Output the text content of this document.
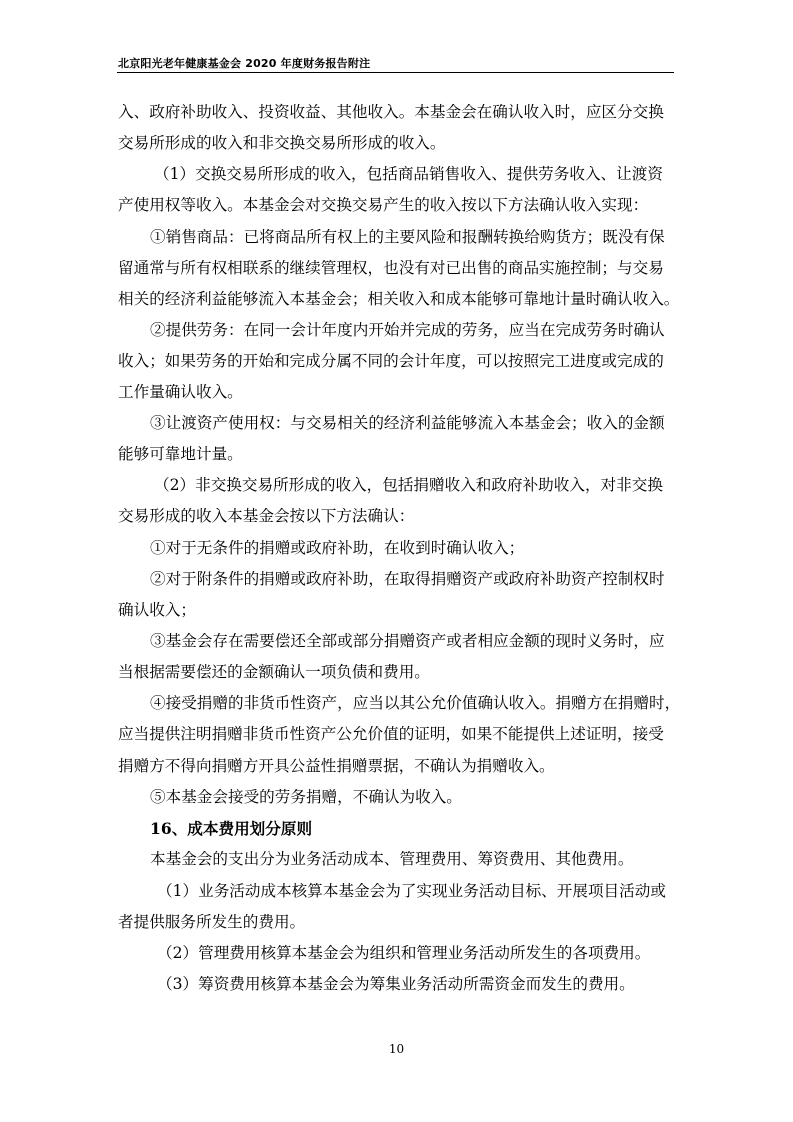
北京阳光老年健康基金会 2020 年度财务报告附注

入、政府补助收入、投资收益、其他收入。本基金会在确认收入时，应区分交换

交易所形成的收入和非交换交易所形成的收入。

（1）交换交易所形成的收入，包括商品销售收入、提供劳务收入、让渡资

产使用权等收入。本基金会对交换交易产生的收入按以下方法确认收入实现：

①销售商品：已将商品所有权上的主要风险和报酬转换给购货方；既没有保

留通常与所有权相联系的继续管理权，也没有对已出售的商品实施控制；与交易

相关的经济利益能够流入本基金会；相关收入和成本能够可靠地计量时确认收入。

②提供劳务：在同一会计年度内开始并完成的劳务，应当在完成劳务时确认

收入；如果劳务的开始和完成分属不同的会计年度，可以按照完工进度或完成的

工作量确认收入。

③让渡资产使用权：与交易相关的经济利益能够流入本基金会；收入的金额

能够可靠地计量。

（2）非交换交易所形成的收入，包括捐赠收入和政府补助收入，对非交换

交易形成的收入本基金会按以下方法确认：

①对于无条件的捐赠或政府补助，在收到时确认收入；

②对于附条件的捐赠或政府补助，在取得捐赠资产或政府补助资产控制权时

确认收入；

③基金会存在需要偿还全部或部分捐赠资产或者相应金额的现时义务时，应

当根据需要偿还的金额确认一项负债和费用。

④接受捐赠的非货币性资产，应当以其公允价值确认收入。捐赠方在捐赠时，

应当提供注明捐赠非货币性资产公允价值的证明，如果不能提供上述证明，接受

捐赠方不得向捐赠方开具公益性捐赠票据，不确认为捐赠收入。

⑤本基金会接受的劳务捐赠，不确认为收入。

16、成本费用划分原则

本基金会的支出分为业务活动成本、管理费用、筹资费用、其他费用。

（1）业务活动成本核算本基金会为了实现业务活动目标、开展项目活动或

者提供服务所发生的费用。

（2）管理费用核算本基金会为组织和管理业务活动所发生的各项费用。

（3）筹资费用核算本基金会为筹集业务活动所需资金而发生的费用。

10
